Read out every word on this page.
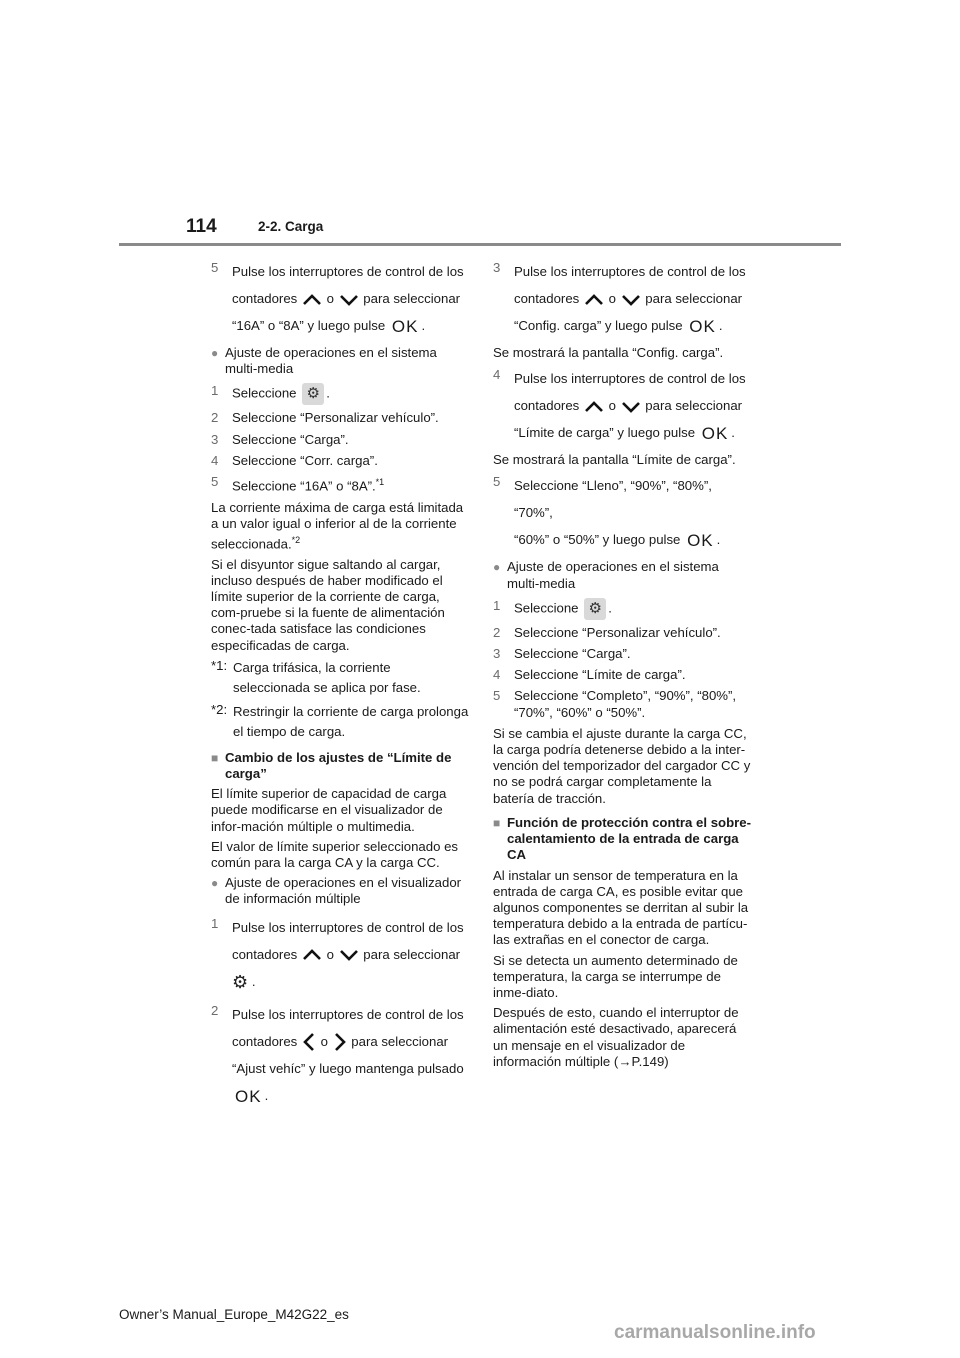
114	2-2. Carga
5	Pulse los interruptores de control de los
contadores o para seleccionar
“16A” o “8A” y luego pulse OK .
● Ajuste de operaciones en el sistema multi-media
1	Seleccione ⚙ .
2	Seleccione “Personalizar vehículo”.
3	Seleccione “Carga”.
4	Seleccione “Corr. carga”.
5	Seleccione “16A” o “8A”.$^{*1}$

La corriente máxima de carga está limitada a un valor igual o inferior al de la corriente seleccionada.$^{*2}$

Si el disyuntor sigue saltando al cargar, incluso después de haber modificado el límite superior de la corriente de carga, com-pruebe si la fuente de alimentación conec-tada satisface las condiciones especificadas de carga.

*1: Carga trifásica, la corriente seleccionada se aplica por fase.
*2: Restringir la corriente de carga prolonga el tiempo de carga.
■ Cambio de los ajustes de “Límite de carga”

El límite superior de capacidad de carga puede modificarse en el visualizador de infor-mación múltiple o multimedia.

El valor de límite superior seleccionado es común para la carga CA y la carga CC.

● Ajuste de operaciones en el visualizador de información múltiple
1	Pulse los interruptores de control de los
contadores o para seleccionar
⚙ .
2	Pulse los interruptores de control de los
contadores o para seleccionar
“Ajust vehíc” y luego mantenga pulsado
OK .
3	Pulse los interruptores de control de los
contadores o para seleccionar
“Config. carga” y luego pulse OK .

Se mostrará la pantalla “Config. carga”.

4	Pulse los interruptores de control de los
contadores o para seleccionar
“Límite de carga” y luego pulse OK .

Se mostrará la pantalla “Límite de carga”.

5	Seleccione “Lleno”, “90%”, “80%”, “70%”,
“60%” o “50%” y luego pulse OK .
● Ajuste de operaciones en el sistema multi-media
1	Seleccione ⚙ .
2	Seleccione “Personalizar vehículo”.
3	Seleccione “Carga”.
4	Seleccione “Límite de carga”.
5	Seleccione “Completo”, “90%”, “80%”, “70%”, “60%” o “50%”.

Si se cambia el ajuste durante la carga CC, la carga podría detenerse debido a la inter-vención del temporizador del cargador CC y no se podrá cargar completamente la batería de tracción.

■ Función de protección contra el sobre-calentamiento de la entrada de carga CA

Al instalar un sensor de temperatura en la entrada de carga CA, es posible evitar que algunos componentes se derritan al subir la temperatura debido a la entrada de partícu-las extrañas en el conector de carga.

Si se detecta un aumento determinado de temperatura, la carga se interrumpe de inme-diato.

Después de esto, cuando el interruptor de alimentación esté desactivado, aparecerá un mensaje en el visualizador de información múltiple (→P.149)

Owner’s Manual_Europe_M42G22_es
carmanualsonline.info
